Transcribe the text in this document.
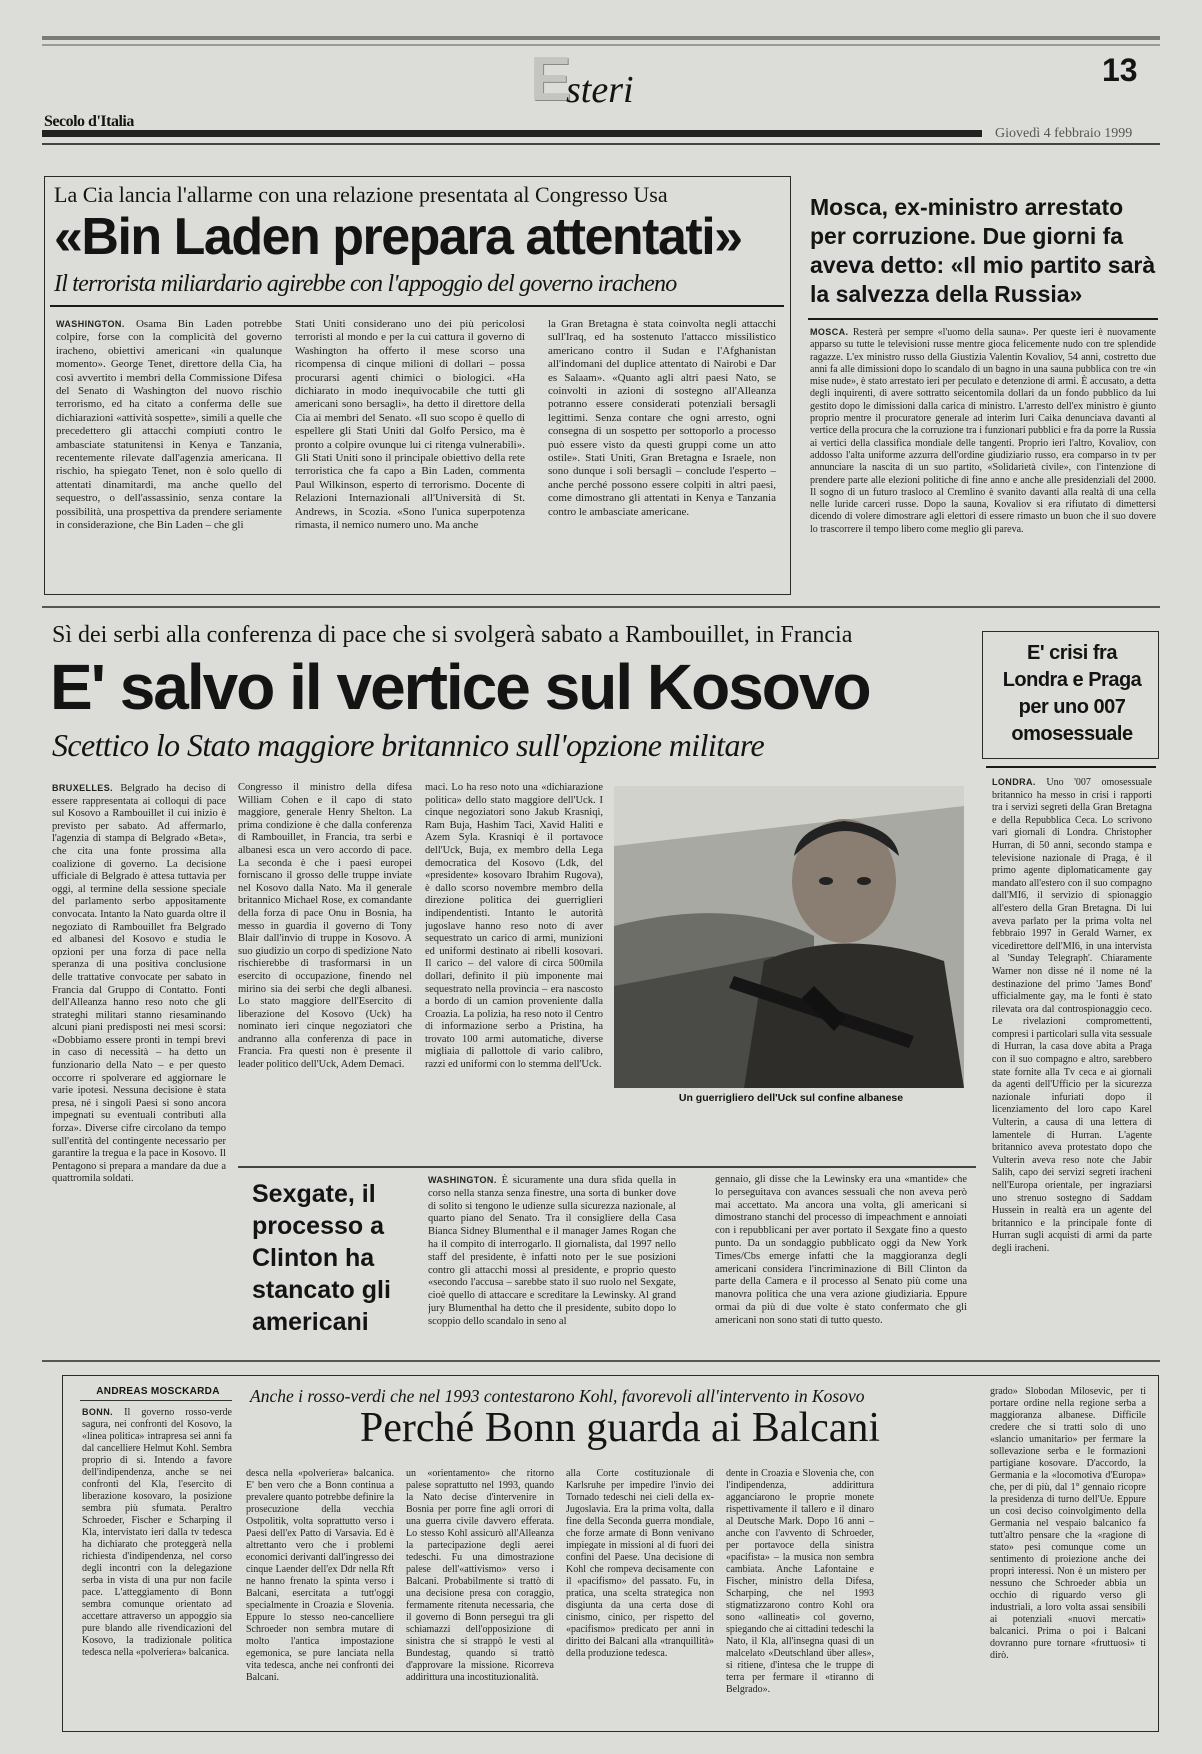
E
steri	13
Secolo d'Italia
Giovedì 4 febbraio 1999
La Cia lancia l'allarme con una relazione presentata al Congresso Usa
«Bin Laden prepara attentati»
Il terrorista miliardario agirebbe con l'appoggio del governo iracheno
WASHINGTON. Osama Bin Laden potrebbe colpire, forse con la complicità del governo iracheno, obiettivi americani «in qualunque momento». George Tenet, direttore della Cia, ha così avvertito i membri della Commissione Difesa del Senato di Washington del nuovo rischio terrorismo, ed ha citato a conferma delle sue dichiarazioni «attività sospette», simili a quelle che precedettero gli attacchi compiuti contro le ambasciate statunitensi in Kenya e Tanzania, recentemente rilevate dall'agenzia americana. Il rischio, ha spiegato Tenet, non è solo quello di attentati dinamitardi, ma anche quello del sequestro, o dell'assassinio, senza contare la possibilità, una prospettiva da prendere seriamente in considerazione, che Bin Laden – che gli
Stati Uniti considerano uno dei più pericolosi terroristi al mondo e per la cui cattura il governo di Washington ha offerto il mese scorso una ricompensa di cinque milioni di dollari – possa procurarsi agenti chimici o biologici. «Ha dichiarato in modo inequivocabile che tutti gli americani sono bersagli», ha detto il direttore della Cia ai membri del Senato. «Il suo scopo è quello di espellere gli Stati Uniti dal Golfo Persico, ma è pronto a colpire ovunque lui ci ritenga vulnerabili». Gli Stati Uniti sono il principale obiettivo della rete terroristica che fa capo a Bin Laden, commenta Paul Wilkinson, esperto di terrorismo. Docente di Relazioni Internazionali all'Università di St. Andrews, in Scozia. «Sono l'unica superpotenza rimasta, il nemico numero uno. Ma anche
la Gran Bretagna è stata coinvolta negli attacchi sull'Iraq, ed ha sostenuto l'attacco missilistico americano contro il Sudan e l'Afghanistan all'indomani del duplice attentato di Nairobi e Dar es Salaam». «Quanto agli altri paesi Nato, se coinvolti in azioni di sostegno all'Alleanza potranno essere considerati potenziali bersagli legittimi. Senza contare che ogni arresto, ogni consegna di un sospetto per sottoporlo a processo può essere visto da questi gruppi come un atto ostile». Stati Uniti, Gran Bretagna e Israele, non sono dunque i soli bersagli – conclude l'esperto – anche perché possono essere colpiti in altri paesi, come dimostrano gli attentati in Kenya e Tanzania contro le ambasciate americane.
Mosca, ex-ministro arrestato per corruzione. Due giorni fa aveva detto: «Il mio partito sarà la salvezza della Russia»
MOSCA. Resterà per sempre «l'uomo della sauna». Per queste ieri è nuovamente apparso su tutte le televisioni russe mentre gioca felicemente nudo con tre splendide ragazze. L'ex ministro russo della Giustizia Valentin Kovaliov, 54 anni, costretto due anni fa alle dimissioni dopo lo scandalo di un bagno in una sauna pubblica con tre «in mise nude», è stato arrestato ieri per peculato e detenzione di armi. È accusato, a detta degli inquirenti, di avere sottratto seicentomila dollari da un fondo pubblico da lui gestito dopo le dimissioni dalla carica di ministro. L'arresto dell'ex ministro è giunto proprio mentre il procuratore generale ad interim Iuri Caika denunciava davanti al vertice della procura che la corruzione tra i funzionari pubblici e fra da porre la Russia ai vertici della classifica mondiale delle tangenti. Proprio ieri l'altro, Kovaliov, con addosso l'alta uniforme azzurra dell'ordine giudiziario russo, era comparso in tv per annunciare la nascita di un suo partito, «Solidarietà civile», con l'intenzione di prendere parte alle elezioni politiche di fine anno e anche alle presidenziali del 2000. Il sogno di un futuro trasloco al Cremlino è svanito davanti alla realtà di una cella nelle luride carceri russe. Dopo la sauna, Kovaliov si era rifiutato di dimettersi dicendo di volere dimostrare agli elettori di essere rimasto un buon che il suo dovere lo trascorrere il tempo libero come meglio gli pareva.
Sì dei serbi alla conferenza di pace che si svolgerà sabato a Rambouillet, in Francia
E' salvo il vertice sul Kosovo
Scettico lo Stato maggiore britannico sull'opzione militare
BRUXELLES. Belgrado ha deciso di essere rappresentata ai colloqui di pace sul Kosovo a Rambouillet il cui inizio è previsto per sabato. Ad affermarlo, l'agenzia di stampa di Belgrado «Beta», che cita una fonte prossima alla coalizione di governo. La decisione ufficiale di Belgrado è attesa tuttavia per oggi, al termine della sessione speciale del parlamento serbo appositamente convocata. Intanto la Nato guarda oltre il negoziato di Rambouillet fra Belgrado ed albanesi del Kosovo e studia le opzioni per una forza di pace nella speranza di una positiva conclusione delle trattative convocate per sabato in Francia dal Gruppo di Contatto. Fonti dell'Alleanza hanno reso noto che gli strateghi militari stanno riesaminando alcuni piani predisposti nei mesi scorsi: «Dobbiamo essere pronti in tempi brevi in caso di necessità – ha detto un funzionario della Nato – e per questo occorre ri spolverare ed aggiornare le varie ipotesi. Nessuna decisione è stata presa, né i singoli Paesi si sono ancora impegnati su eventuali contributi alla forza». Diverse cifre circolano da tempo sull'entità del contingente necessario per garantire la tregua e la pace in Kosovo. Il Pentagono si prepara a mandare da due a quattromila soldati.
Congresso il ministro della difesa William Cohen e il capo di stato maggiore, generale Henry Shelton. La prima condizione è che dalla conferenza di Rambouillet, in Francia, tra serbi e albanesi esca un vero accordo di pace. La seconda è che i paesi europei forniscano il grosso delle truppe inviate nel Kosovo dalla Nato. Ma il generale britannico Michael Rose, ex comandante della forza di pace Onu in Bosnia, ha messo in guardia il governo di Tony Blair dall'invio di truppe in Kosovo. A suo giudizio un corpo di spedizione Nato rischierebbe di trasformarsi in un esercito di occupazione, finendo nel mirino sia dei serbi che degli albanesi. Lo stato maggiore dell'Esercito di liberazione del Kosovo (Uck) ha nominato ieri cinque negoziatori che andranno alla conferenza di pace in Francia. Fra questi non è presente il leader politico dell'Uck, Adem Demaci.
maci. Lo ha reso noto una «dichiarazione politica» dello stato maggiore dell'Uck. I cinque negoziatori sono Jakub Krasniqi, Ram Buja, Hashim Taci, Xavid Haliti e Azem Syla. Krasniqi è il portavoce dell'Uck, Buja, ex membro della Lega democratica del Kosovo (Ldk, del «presidente» kosovaro Ibrahim Rugova), è dallo scorso novembre membro della direzione politica dei guerriglieri indipendentisti. Intanto le autorità jugoslave hanno reso noto di aver sequestrato un carico di armi, munizioni ed uniformi destinato ai ribelli kosovari. Il carico – del valore di circa 500mila dollari, definito il più imponente mai sequestrato nella provincia – era nascosto a bordo di un camion proveniente dalla Croazia. La polizia, ha reso noto il Centro di informazione serbo a Pristina, ha trovato 100 armi automatiche, diverse migliaia di pallottole di vario calibro, razzi ed uniformi con lo stemma dell'Uck.
Un guerrigliero dell'Uck sul confine albanese
E' crisi fra Londra e Praga per uno 007 omosessuale
LONDRA. Uno '007 omosessuale britannico ha messo in crisi i rapporti tra i servizi segreti della Gran Bretagna e della Repubblica Ceca. Lo scrivono vari giornali di Londra. Christopher Hurran, di 50 anni, secondo stampa e televisione nazionale di Praga, è il primo agente diplomaticamente gay mandato all'estero con il suo compagno dall'MI6, il servizio di spionaggio all'estero della Gran Bretagna. Di lui aveva parlato per la prima volta nel febbraio 1997 in Gerald Warner, ex vicedirettore dell'MI6, in una intervista al 'Sunday Telegraph'. Chiaramente Warner non disse né il nome né la destinazione del primo 'James Bond' ufficialmente gay, ma le fonti è stato rilevata ora dal controspionaggio ceco. Le rivelazioni compromettenti, compresi i particolari sulla vita sessuale di Hurran, la casa dove abita a Praga con il suo compagno e altro, sarebbero state fornite alla Tv ceca e ai giornali da agenti dell'Ufficio per la sicurezza nazionale infuriati dopo il licenziamento del loro capo Karel Vulterin, a causa di una lettera di lamentele di Hurran. L'agente britannico aveva protestato dopo che Vulterin aveva reso note che Jabir Salih, capo dei servizi segreti iracheni nell'Europa orientale, per ingraziarsi uno strenuo sostegno di Saddam Hussein in realtà era un agente del britannico e la principale fonte di Hurran sugli acquisti di armi da parte degli iracheni.
Sexgate, il processo a Clinton ha stancato gli americani
WASHINGTON. È sicuramente una dura sfida quella in corso nella stanza senza finestre, una sorta di bunker dove di solito si tengono le udienze sulla sicurezza nazionale, al quarto piano del Senato. Tra il consigliere della Casa Bianca Sidney Blumenthal e il manager James Rogan che ha il compito di interrogarlo. Il giornalista, dal 1997 nello staff del presidente, è infatti noto per le sue posizioni contro gli attacchi mossi al presidente, e proprio questo «secondo l'accusa – sarebbe stato il suo ruolo nel Sexgate, cioè quello di attaccare e screditare la Lewinsky. Al grand jury Blumenthal ha detto che il presidente, subito dopo lo scoppio dello scandalo in seno al
gennaio, gli disse che la Lewinsky era una «mantide» che lo perseguitava con avances sessuali che non aveva però mai accettato. Ma ancora una volta, gli americani si dimostrano stanchi del processo di impeachment e annoiati con i repubblicani per aver portato il Sexgate fino a questo punto. Da un sondaggio pubblicato oggi da New York Times/Cbs emerge infatti che la maggioranza degli americani considera l'incriminazione di Bill Clinton da parte della Camera e il processo al Senato più come una manovra politica che una vera azione giudiziaria. Eppure ormai da più di due volte è stato confermato che gli americani non sono stati di tutto questo.
ANDREAS MOSCKARDA	Anche i rosso-verdi che nel 1993 contestarono Kohl, favorevoli all'intervento in Kosovo
Perché Bonn guarda ai Balcani
BONN. Il governo rosso-verde sagura, nei confronti del Kosovo, la «linea politica» intrapresa sei anni fa dal cancelliere Helmut Kohl. Sembra proprio di sì. Intendo a favore dell'indipendenza, anche se nei confronti del Kla, l'esercito di liberazione kosovaro, la posizione sembra più sfumata. Peraltro Schroeder, Fischer e Scharping il Kla, intervistato ieri dalla tv tedesca ha dichiarato che proteggerà nella richiesta d'indipendenza, nel corso degli incontri con la delegazione serba in vista di una pur non facile pace. L'atteggiamento di Bonn sembra comunque orientato ad accettare attraverso un appoggio sia pure blando alle rivendicazioni del Kosovo, la tradizionale politica tedesca nella «polveriera» balcanica.
desca nella «polveriera» balcanica. E' ben vero che a Bonn continua a prevalere quanto potrebbe definire la prosecuzione della vecchia Ostpolitik, volta soprattutto verso i Paesi dell'ex Patto di Varsavia. Ed è altrettanto vero che i problemi economici derivanti dall'ingresso dei cinque Laender dell'ex Ddr nella Rft ne hanno frenato la spinta verso i Balcani, esercitata a tutt'oggi specialmente in Croazia e Slovenia. Eppure lo stesso neo-cancelliere Schroeder non sembra mutare di molto l'antica impostazione egemonica, se pure lanciata nella vita tedesca, anche nei confronti dei Balcani.
un «orientamento» che ritorno palese soprattutto nel 1993, quando la Nato decise d'intervenire in Bosnia per porre fine agli orrori di una guerra civile davvero efferata. Lo stesso Kohl assicurò all'Alleanza la partecipazione degli aerei tedeschi. Fu una dimostrazione palese dell'«attivismo» verso i Balcani. Probabilmente si trattò di una decisione presa con coraggio, fermamente ritenuta necessaria, che il governo di Bonn perseguì tra gli schiamazzi dell'opposizione di sinistra che si strappò le vesti al Bundestag, quando si trattò d'approvare la missione. Ricorreva addirittura una incostituzionalità.
alla Corte costituzionale di Karlsruhe per impedire l'invio dei Tornado tedeschi nei cieli della ex-Jugoslavia. Era la prima volta, dalla fine della Seconda guerra mondiale, che forze armate di Bonn venivano impiegate in missioni al di fuori dei confini del Paese. Una decisione di Kohl che rompeva decisamente con il «pacifismo» del passato. Fu, in pratica, una scelta strategica non disgiunta da una certa dose di cinismo, cinico, per rispetto del «pacifismo» predicato per anni in diritto dei Balcani alla «tranquillità» della produzione tedesca.
dente in Croazia e Slovenia che, con l'indipendenza, addirittura agganciarono le proprie monete rispettivamente il tallero e il dinaro al Deutsche Mark. Dopo 16 anni – anche con l'avvento di Schroeder, per portavoce della sinistra «pacifista» – la musica non sembra cambiata. Anche Lafontaine e Fischer, ministro della Difesa, Scharping, che nel 1993 stigmatizzarono contro Kohl ora sono «allineati» col governo, spiegando che ai cittadini tedeschi la Nato, il Kla, all'insegna quasi di un malcelato «Deutschland über alles», si ritiene, d'intesa che le truppe di terra per fermare il «tiranno di Belgrado».
grado» Slobodan Milosevic, per ti portare ordine nella regione serba a maggioranza albanese. Difficile credere che si tratti solo di uno «slancio umanitario» per fermare la sollevazione serba e le formazioni partigiane kosovare. D'accordo, la Germania e la «locomotiva d'Europa» che, per di più, dal 1° gennaio ricopre la presidenza di turno dell'Ue. Eppure un così deciso coinvolgimento della Germania nel vespaio balcanico fa tutt'altro pensare che la «ragione di stato» pesi comunque come un sentimento di proiezione anche dei propri interessi. Non è un mistero per nessuno che Schroeder abbia un occhio di riguardo verso gli industriali, a loro volta assai sensibili ai potenziali «nuovi mercati» balcanici. Prima o poi i Balcani dovranno pure tornare «fruttuosi» ti dirò.
